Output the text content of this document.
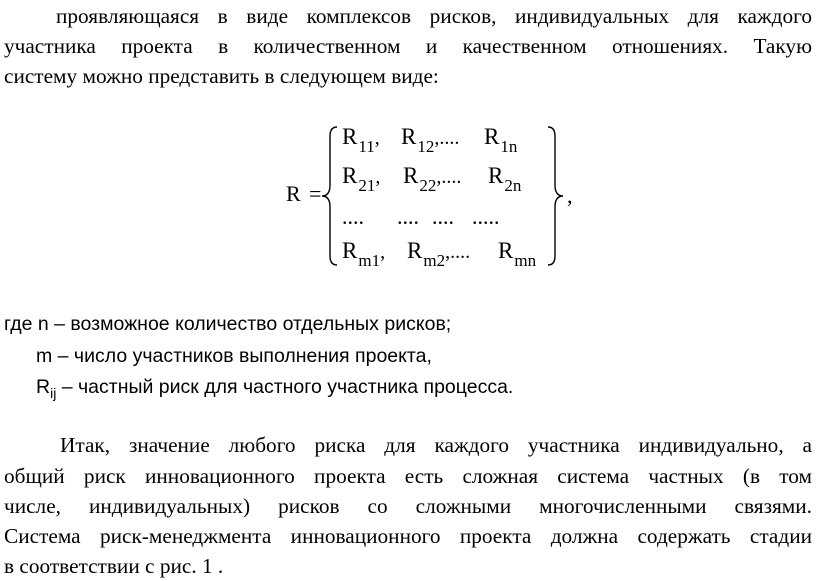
проявляющаяся в виде комплексов рисков, индивидуальных для каждого
участника проекта в количественном и качественном отношениях. Такую
систему можно представить в следующем виде:
R =
$R_{11}$, $R_{12}$,.... $R_{1n}$
$R_{21}$, $R_{22}$,.... $R_{2n}$
.... .... .... .....
$R_{m1}$, $R_{m2}$,.... $R_{mn}$
,
где n – возможное количество отдельных рисков;
m – число участников выполнения проекта,
$R_{ij}$ – частный риск для частного участника процесса.
Итак, значение любого риска для каждого участника индивидуально, а
общий риск инновационного проекта есть сложная система частных (в том
числе, индивидуальных) рисков со сложными многочисленными связями.
Система риск-менеджмента инновационного проекта должна содержать стадии
в соответствии с рис. 1 .
